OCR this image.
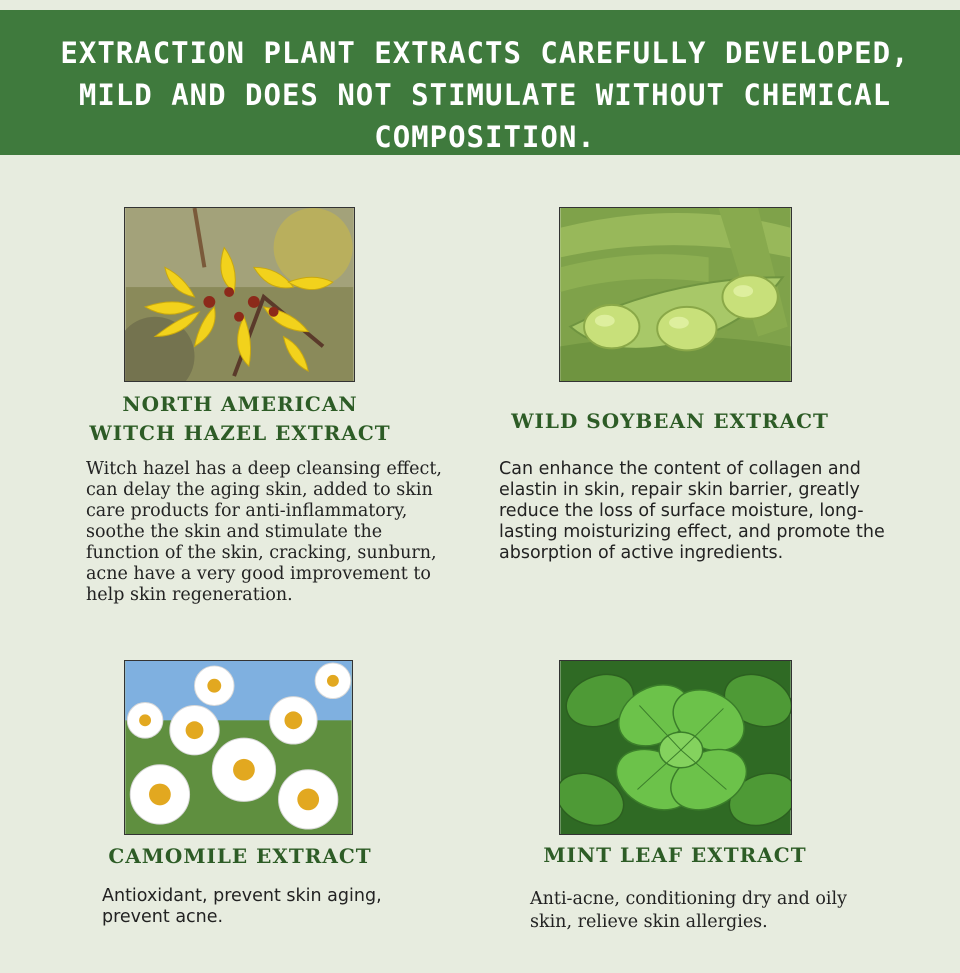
EXTRACTION PLANT EXTRACTS CAREFULLY DEVELOPED,
MILD AND DOES NOT STIMULATE WITHOUT CHEMICAL
COMPOSITION.
NORTH AMERICAN
WITCH HAZEL EXTRACT
Witch hazel has a deep cleansing effect, can delay the aging skin, added to skin care products for anti-inflammatory, soothe the skin and stimulate the function of the skin, cracking, sunburn, acne have a very good improvement to help skin regeneration.
WILD SOYBEAN EXTRACT
Can enhance the content of collagen and elastin in skin, repair skin barrier, greatly reduce the loss of surface moisture, long-lasting moisturizing effect, and promote the absorption of active ingredients.
CAMOMILE EXTRACT
Antioxidant, prevent skin aging, prevent acne.
MINT LEAF EXTRACT
Anti-acne, conditioning dry and oily skin, relieve skin allergies.
